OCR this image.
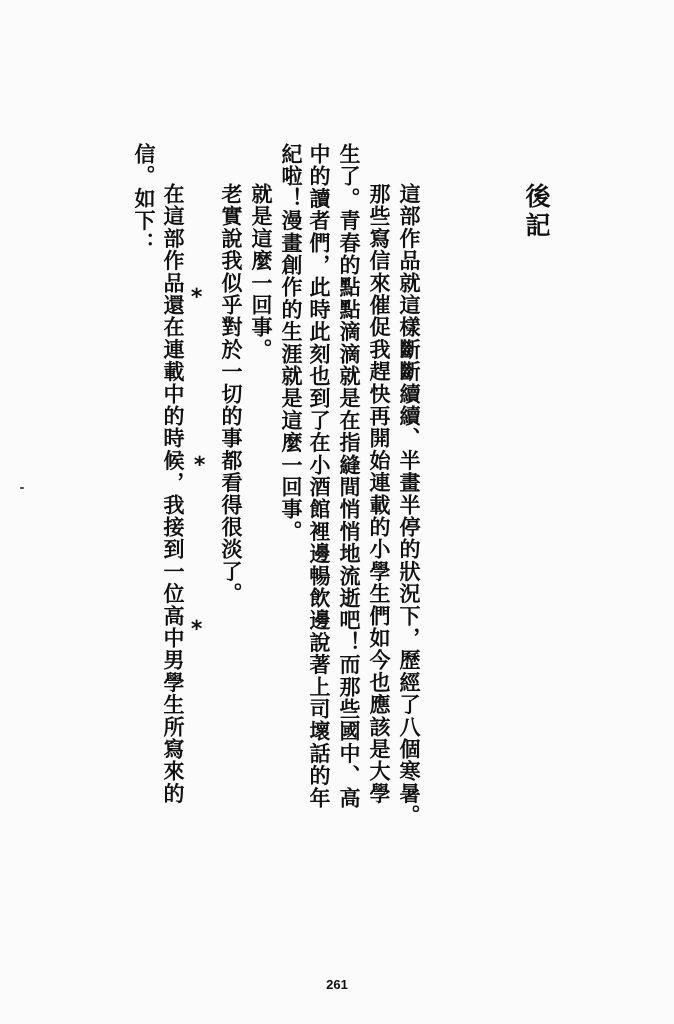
後記
這部作品就這樣斷斷續續、半畫半停的狀況下，歷經了八個寒暑。
那些寫信來催促我趕快再開始連載的小學生們如今也應該是大學
生了。青春的點點滴滴就是在指縫間悄悄地流逝吧！而那些國中、高
中的讀者們，此時此刻也到了在小酒館裡邊暢飲邊說著上司壞話的年
紀啦！漫畫創作的生涯就是這麼一回事。
就是這麼一回事。
老實說我似乎對於一切的事都看得很淡了。
*
*
*
在這部作品還在連載中的時候，我接到一位高中男學生所寫來的
信。如下：
261
